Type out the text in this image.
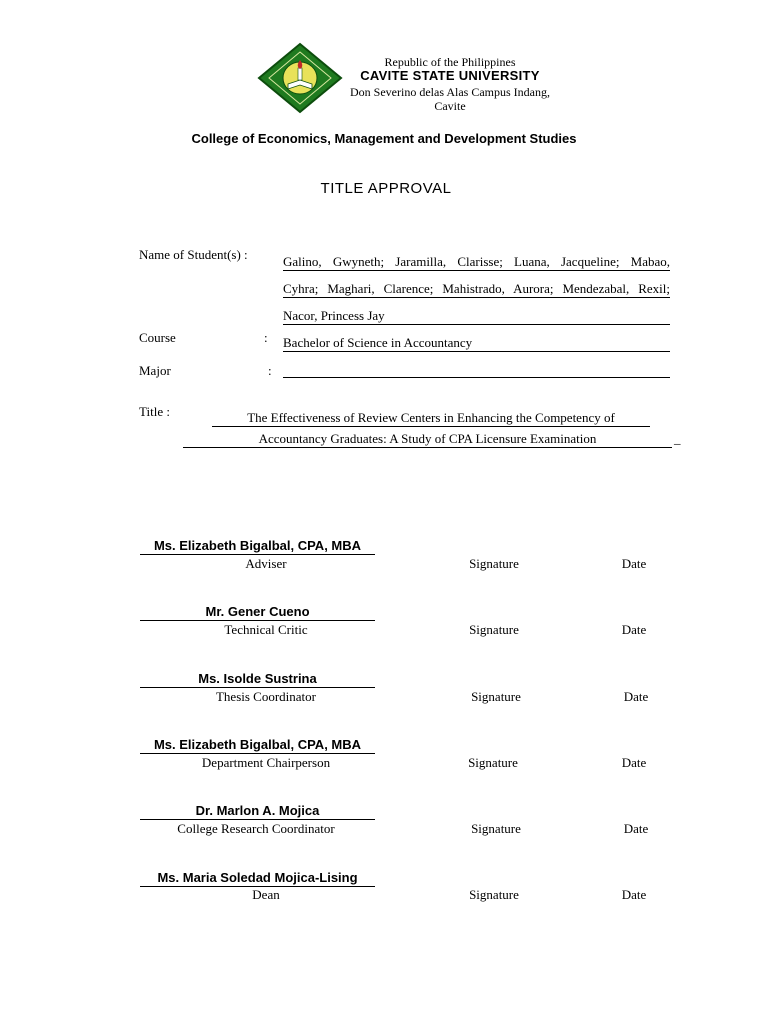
Republic of the Philippines
CAVITE STATE UNIVERSITY
Don Severino delas Alas Campus Indang,
Cavite
College of Economics, Management and Development Studies
TITLE APPROVAL
Name of Student(s) :	Galino, Gwyneth; Jaramilla, Clarisse; Luana, Jacqueline; Mabao,
Cyhra; Maghari, Clarence; Mahistrado, Aurora; Mendezabal, Rexil;
Nacor, Princess Jay
Course	: Bachelor of Science in Accountancy
Major	:
Title :	The Effectiveness of Review Centers in Enhancing the Competency of
Accountancy Graduates: A Study of CPA Licensure Examination	_
Ms. Elizabeth Bigalbal, CPA, MBA
Adviser	Signature	Date
Mr. Gener Cueno
Technical Critic	Signature	Date
Ms. Isolde Sustrina
Thesis Coordinator	Signature	Date
Ms. Elizabeth Bigalbal, CPA, MBA
Department Chairperson	Signature	Date
Dr. Marlon A. Mojica
College Research Coordinator	Signature	Date
Ms. Maria Soledad Mojica-Lising
Dean	Signature	Date
